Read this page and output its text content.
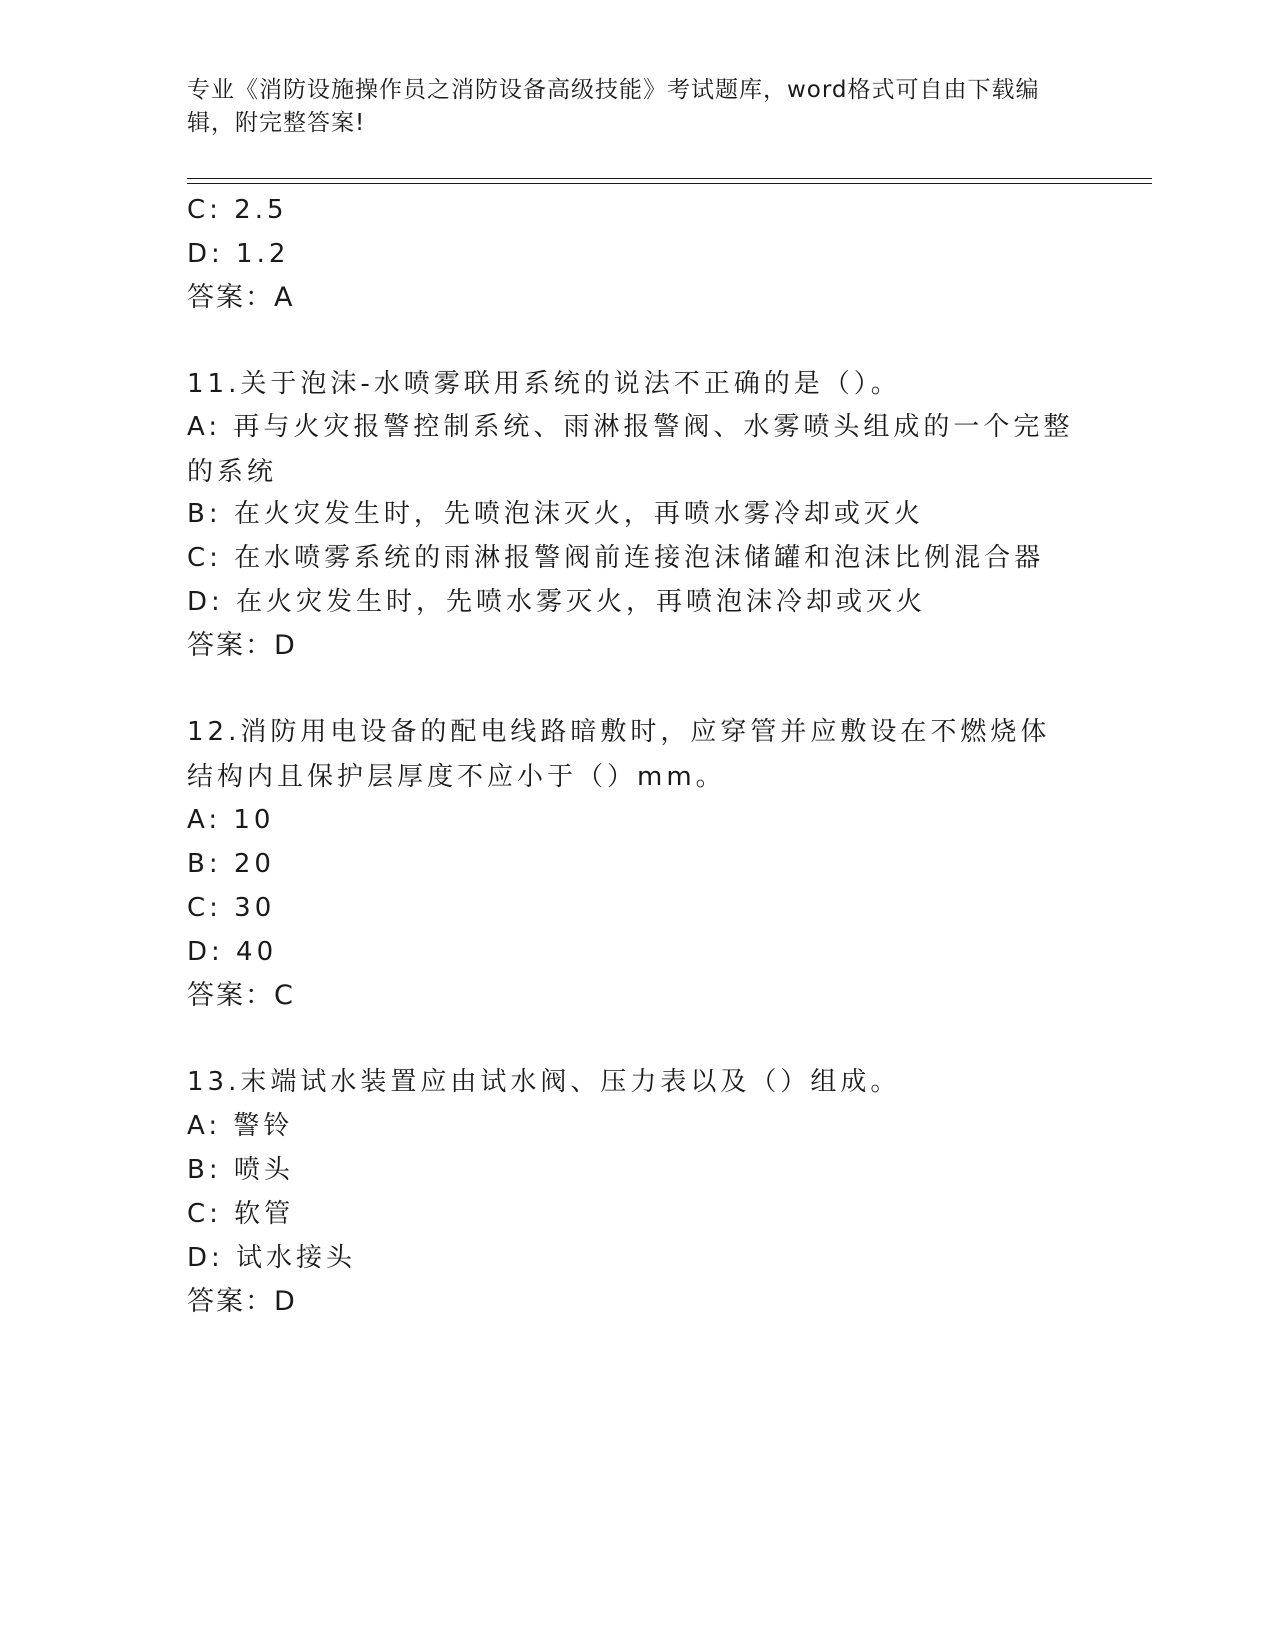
专业《消防设施操作员之消防设备高级技能》考试题库，word格式可自由下载编辑，附完整答案!
C: 2.5
D: 1.2
答案：A
11.关于泡沫-水喷雾联用系统的说法不正确的是（）。
A: 再与火灾报警控制系统、雨淋报警阀、水雾喷头组成的一个完整的系统
B: 在火灾发生时，先喷泡沫灭火，再喷水雾冷却或灭火
C: 在水喷雾系统的雨淋报警阀前连接泡沫储罐和泡沫比例混合器
D: 在火灾发生时，先喷水雾灭火，再喷泡沫冷却或灭火
答案：D
12.消防用电设备的配电线路暗敷时，应穿管并应敷设在不燃烧体结构内且保护层厚度不应小于（）mm。
A: 10
B: 20
C: 30
D: 40
答案：C
13.末端试水装置应由试水阀、压力表以及（）组成。
A: 警铃
B: 喷头
C: 软管
D: 试水接头
答案：D
